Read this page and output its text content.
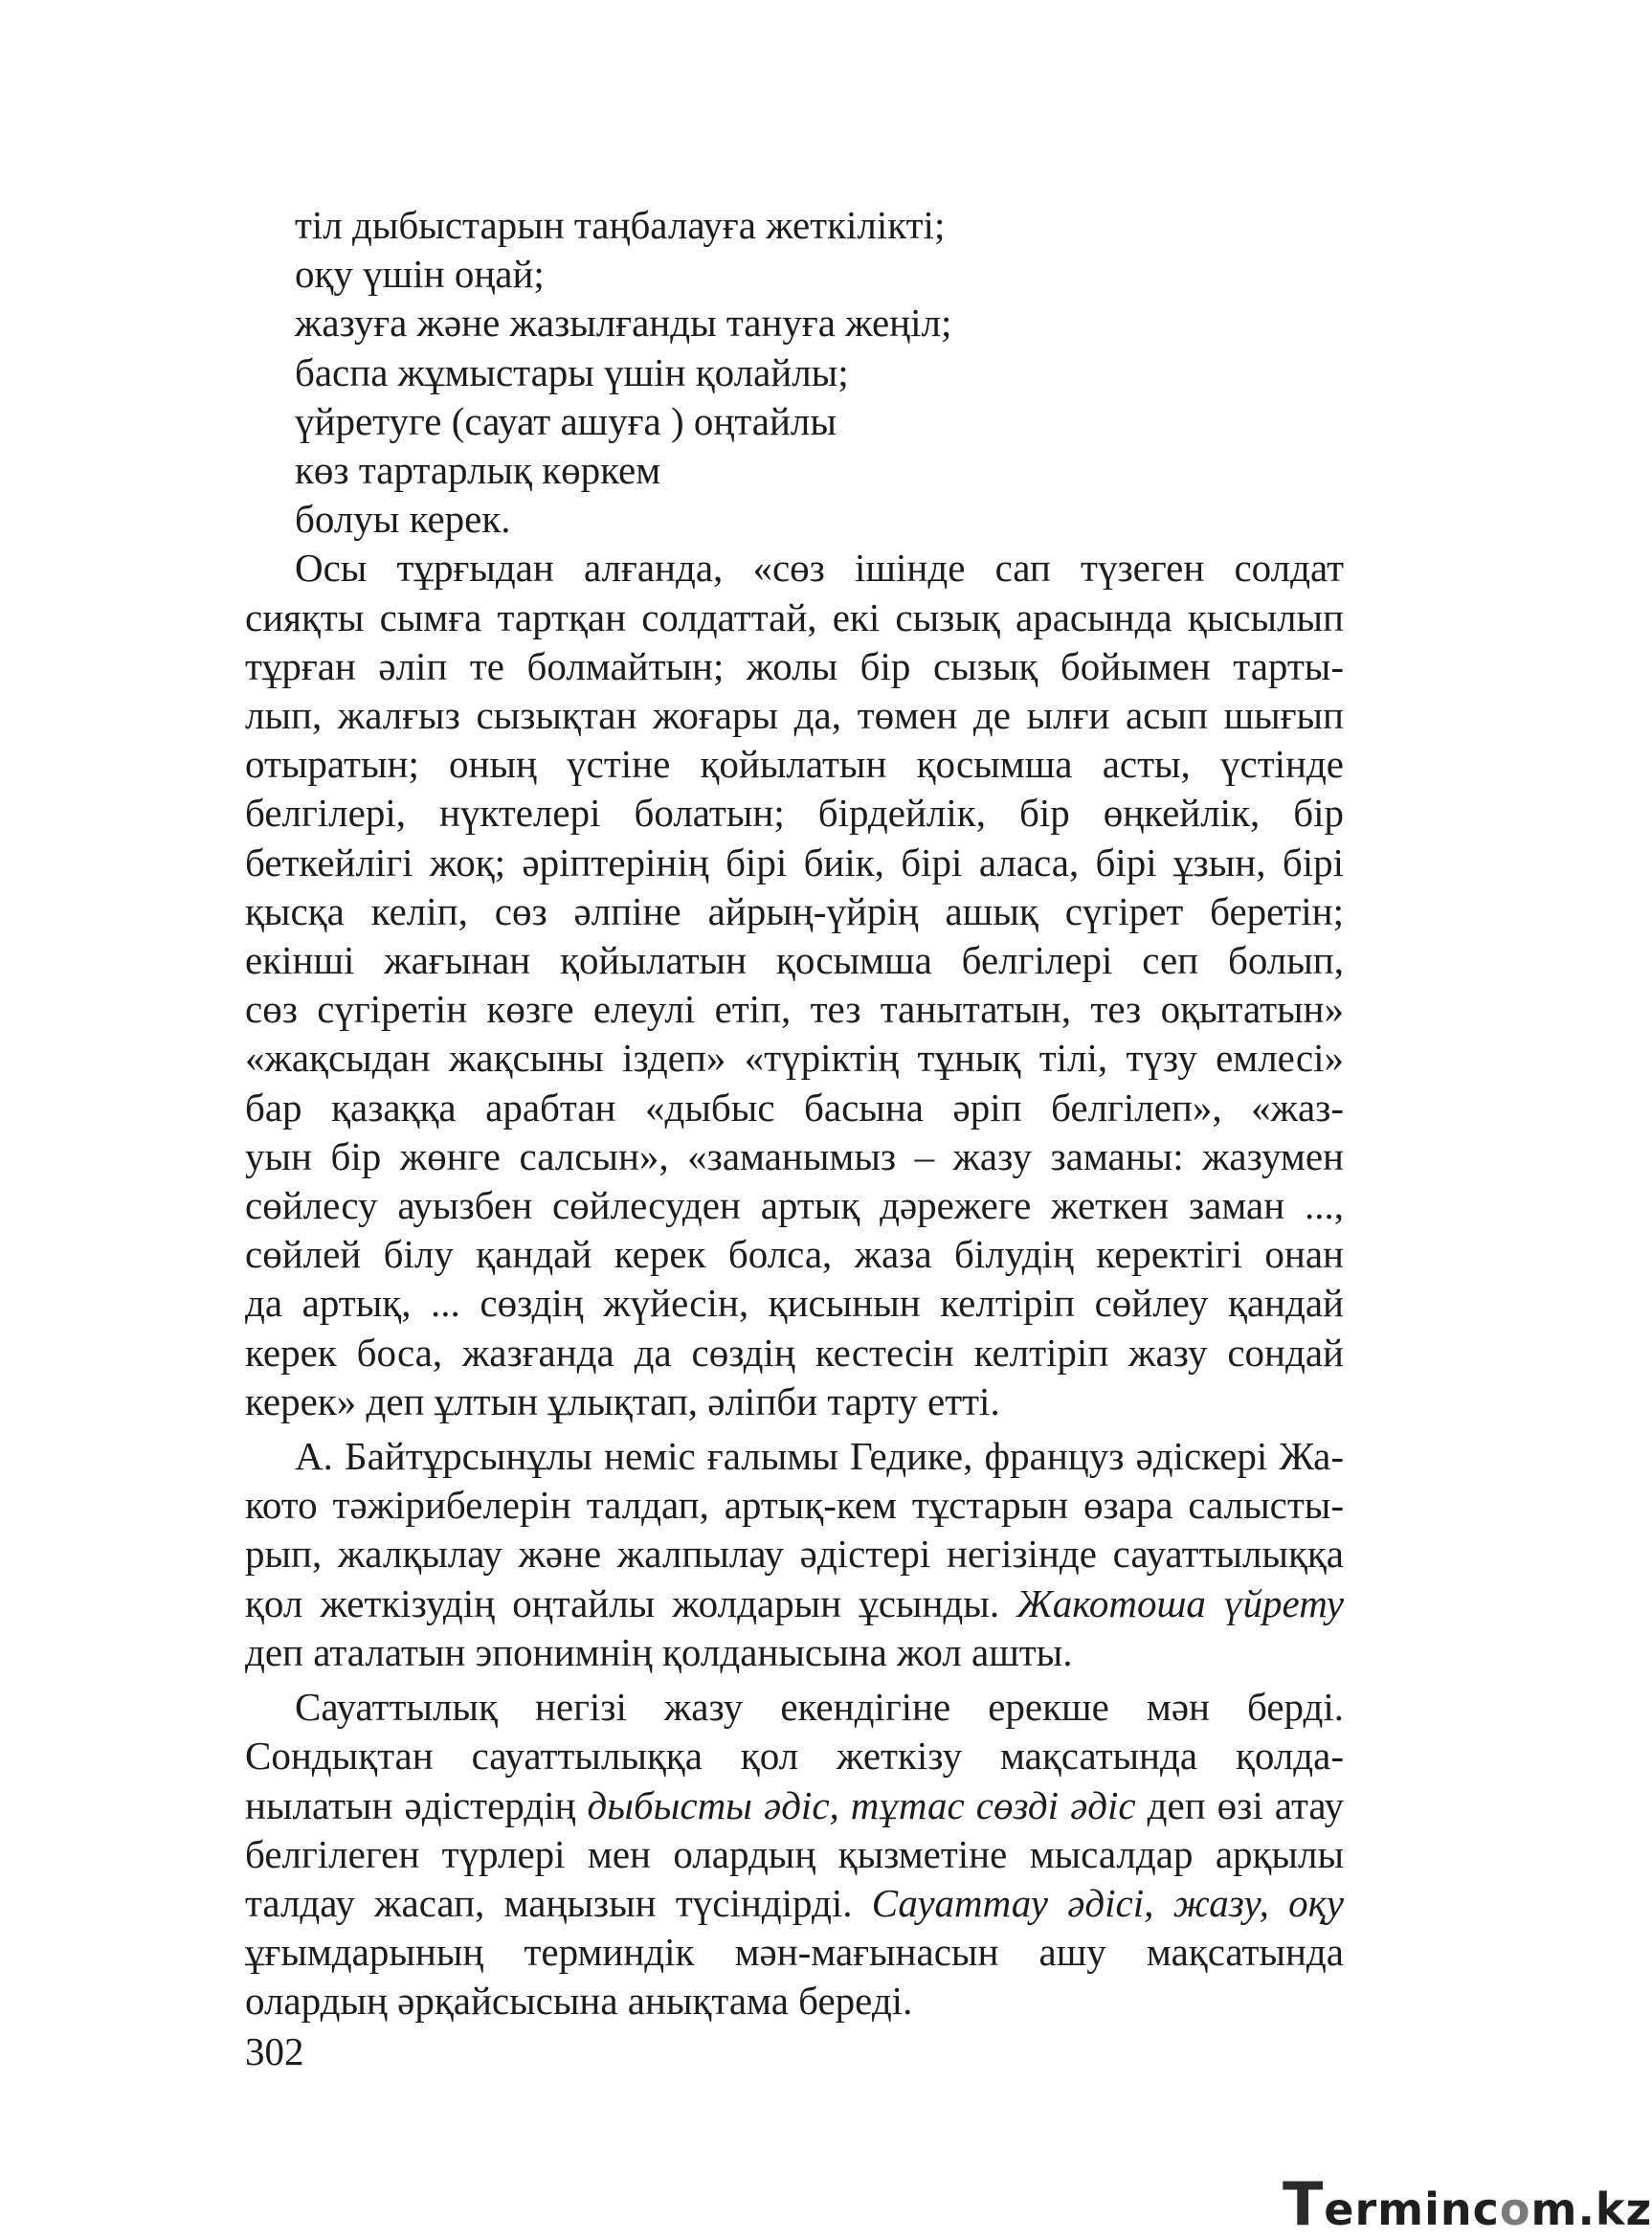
тіл дыбыстарын таңбалауға жеткілікті;
оқу үшін оңай;
жазуға және жазылғанды тануға жеңіл;
баспа жұмыстары үшін қолайлы;
үйретуге (сауат ашуға ) оңтайлы
көз тартарлық көркем
болуы керек.
Осы тұрғыдан алғанда, «сөз ішінде сап түзеген солдат
сияқты сымға тартқан солдаттай, екі сызық арасында қысылып
тұрған әліп те болмайтын; жолы бір сызық бойымен тарты-
лып, жалғыз сызықтан жоғары да, төмен де ылғи асып шығып
отыратын; оның үстіне қойылатын қосымша асты, үстінде
белгілері, нүктелері болатын; бірдейлік, бір өңкейлік, бір
беткейлігі жоқ; әріптерінің бірі биік, бірі аласа, бірі ұзын, бірі
қысқа келіп, сөз әлпіне айрың-үйрің ашық сүгірет беретін;
екінші жағынан қойылатын қосымша белгілері сеп болып,
сөз сүгіретін көзге елеулі етіп, тез танытатын, тез оқытатын»
«жақсыдан жақсыны іздеп» «түріктің тұнық тілі, түзу емлесі»
бар қазаққа арабтан «дыбыс басына әріп белгілеп», «жаз-
уын бір жөнге салсын», «заманымыз – жазу заманы: жазумен
сөйлесу ауызбен сөйлесуден артық дәрежеге жеткен заман ...,
сөйлей білу қандай керек болса, жаза білудің керектігі онан
да артық, ... сөздің жүйесін, қисынын келтіріп сөйлеу қандай
керек боса, жазғанда да сөздің кестесін келтіріп жазу сондай
керек» деп ұлтын ұлықтап, әліпби тарту етті.
А. Байтұрсынұлы неміс ғалымы Гедике, француз әдіскері Жа-
кото тәжірибелерін талдап, артық-кем тұстарын өзара салысты-
рып, жалқылау және жалпылау әдістері негізінде сауаттылыққа
қол жеткізудің оңтайлы жолдарын ұсынды. Жакотоша үйрету
деп аталатын эпонимнің қолданысына жол ашты.
Сауаттылық негізі жазу екендігіне ерекше мән берді.
Сондықтан сауаттылыққа қол жеткізу мақсатында қолда-
нылатын әдістердің дыбысты әдіс, тұтас сөзді әдіс деп өзі атау
белгілеген түрлері мен олардың қызметіне мысалдар арқылы
талдау жасап, маңызын түсіндірді. Сауаттау әдісі, жазу, оқу
ұғымдарының терминдік мән-мағынасын ашу мақсатында
олардың әрқайсысына анықтама береді.
302
Termincom.kz
